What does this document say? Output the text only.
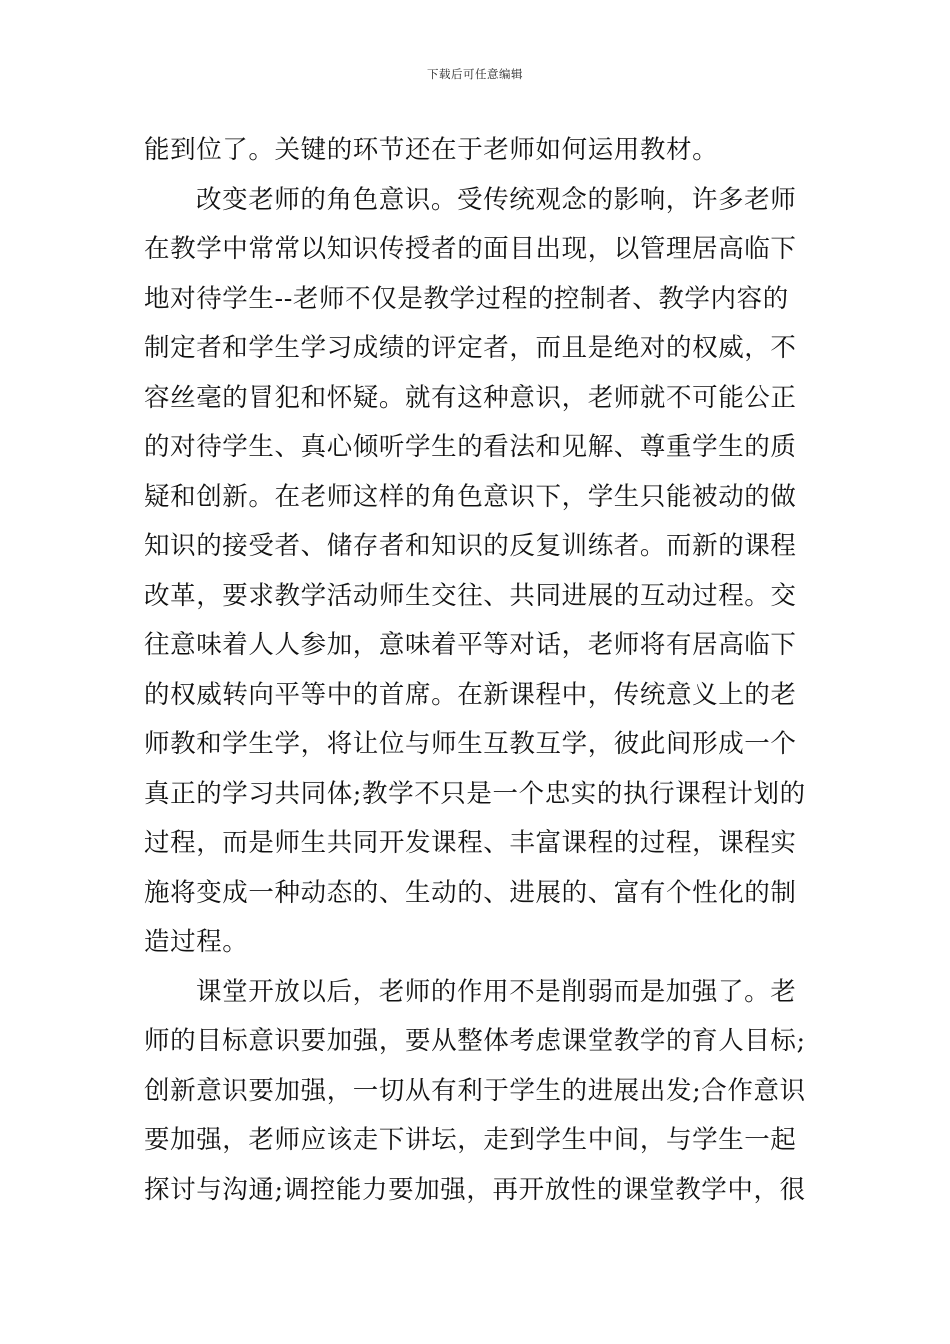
下载后可任意编辑
能到位了。关键的环节还在于老师如何运用教材。
改变老师的角色意识。受传统观念的影响，许多老师
在教学中常常以知识传授者的面目出现，以管理居高临下
地对待学生--老师不仅是教学过程的控制者、教学内容的
制定者和学生学习成绩的评定者，而且是绝对的权威，不
容丝毫的冒犯和怀疑。就有这种意识，老师就不可能公正
的对待学生、真心倾听学生的看法和见解、尊重学生的质
疑和创新。在老师这样的角色意识下，学生只能被动的做
知识的接受者、储存者和知识的反复训练者。而新的课程
改革，要求教学活动师生交往、共同进展的互动过程。交
往意味着人人参加，意味着平等对话，老师将有居高临下
的权威转向平等中的首席。在新课程中，传统意义上的老
师教和学生学，将让位与师生互教互学，彼此间形成一个
真正的学习共同体;教学不只是一个忠实的执行课程计划的
过程，而是师生共同开发课程、丰富课程的过程，课程实
施将变成一种动态的、生动的、进展的、富有个性化的制
造过程。
课堂开放以后，老师的作用不是削弱而是加强了。老
师的目标意识要加强，要从整体考虑课堂教学的育人目标;
创新意识要加强，一切从有利于学生的进展出发;合作意识
要加强，老师应该走下讲坛，走到学生中间，与学生一起
探讨与沟通;调控能力要加强，再开放性的课堂教学中，很
